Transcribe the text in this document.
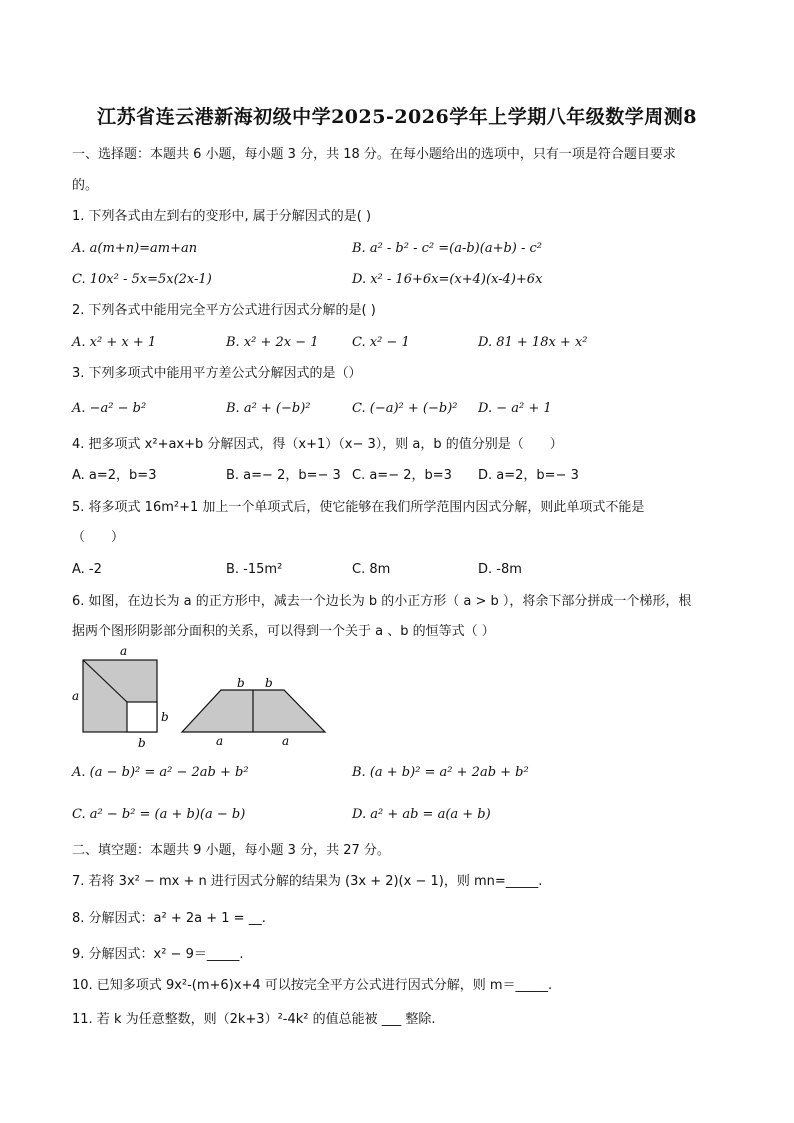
江苏省连云港新海初级中学2025-2026学年上学期八年级数学周测8
一、选择题：本题共 6 小题，每小题 3 分，共 18 分。在每小题给出的选项中，只有一项是符合题目要求
的。
1. 下列各式由左到右的变形中, 属于分解因式的是( )
A. a(m+n)=am+an	B. a² - b² - c² =(a-b)(a+b) - c²
C. 10x² - 5x=5x(2x-1)	D. x² - 16+6x=(x+4)(x-4)+6x
2. 下列各式中能用完全平方公式进行因式分解的是( )
A. x² + x + 1	B. x² + 2x − 1	C. x² − 1	D. 81 + 18x + x²
3. 下列多项式中能用平方差公式分解因式的是（）
A. −a² − b²	B. a² + (−b)²	C. (−a)² + (−b)² D. − a² + 1
4. 把多项式 x²+ax+b 分解因式，得（x+1）（x− 3），则 a，b 的值分别是（　　）
A. a=2，b=3	B. a=− 2，b=− 3 C. a=− 2，b=3 D. a=2，b=− 3
5. 将多项式 16m²+1 加上一个单项式后，使它能够在我们所学范围内因式分解，则此单项式不能是
（　　）
A. -2	B. -15m²	C. 8m	D. -8m
6. 如图，在边长为 a 的正方形中，减去一个边长为 b 的小正方形（ a > b ），将余下部分拼成一个梯形，根
据两个图形阴影部分面积的关系，可以得到一个关于 a 、b 的恒等式（ ）
a
a
b
b
b b
a	a
A. (a − b)² = a² − 2ab + b²	B. (a + b)² = a² + 2ab + b²
C. a² − b² = (a + b)(a − b)	D. a² + ab = a(a + b)
二、填空题：本题共 9 小题，每小题 3 分，共 27 分。
7. 若将 3x² − mx + n 进行因式分解的结果为 (3x + 2)(x − 1)，则 mn=_____.
8. 分解因式：a² + 2a + 1 = __.
9. 分解因式：x² − 9＝_____.
10. 已知多项式 9x²-(m+6)x+4 可以按完全平方公式进行因式分解，则 m＝_____.
11. 若 k 为任意整数，则（2k+3）²-4k² 的值总能被 ___ 整除.
